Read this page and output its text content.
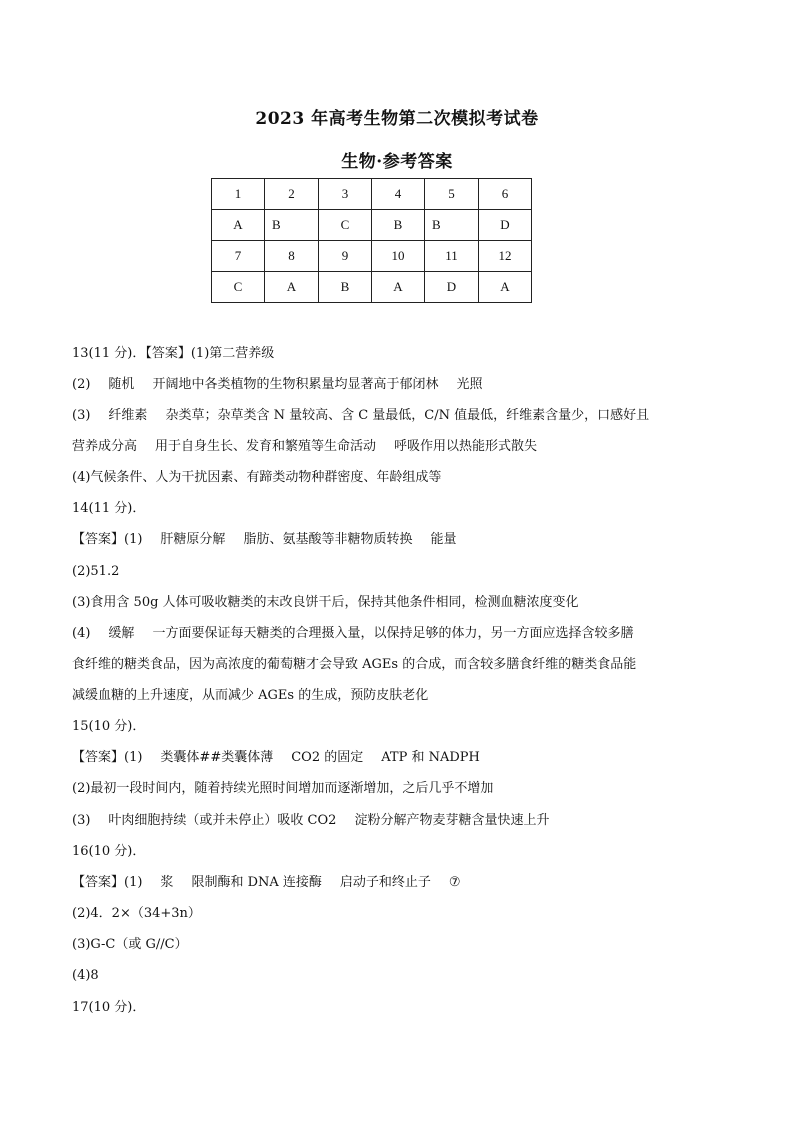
2023 年高考生物第二次模拟考试卷
生物·参考答案
1	2	3	4	5	6
A	B	C	B	B	D
7	8	9	10	11	12
C	A	B	A	D	A
13(11 分)．【答案】(1)第二营养级
(2) 随机 开阔地中各类植物的生物积累量均显著高于郁闭林 光照
(3) 纤维素 杂类草；杂草类含 N 量较高、含 C 量最低，C/N 值最低，纤维素含量少，口感好且
营养成分高 用于自身生长、发育和繁殖等生命活动 呼吸作用以热能形式散失
(4)气候条件、人为干扰因素、有蹄类动物种群密度、年龄组成等
14(11 分)．
【答案】(1) 肝糖原分解 脂肪、氨基酸等非糖物质转换 能量
(2)51.2
(3)食用含 50g 人体可吸收糖类的末改良饼干后，保持其他条件相同，检测血糖浓度变化
(4) 缓解 一方面要保证每天糖类的合理摄入量，以保持足够的体力，另一方面应选择含较多膳
食纤维的糖类食品，因为高浓度的葡萄糖才会导致 AGEs 的合成，而含较多膳食纤维的糖类食品能
减缓血糖的上升速度，从而减少 AGEs 的生成，预防皮肤老化
15(10 分)．
【答案】(1) 类囊体##类囊体薄 CO2 的固定 ATP 和 NADPH
(2)最初一段时间内，随着持续光照时间增加而逐渐增加，之后几乎不增加
(3) 叶肉细胞持续（或并未停止）吸收 CO2 淀粉分解产物麦芽糖含量快速上升
16(10 分)．
【答案】(1) 浆 限制酶和 DNA 连接酶 启动子和终止子 ⑦
(2)4．2×（34+3n）
(3)G-C（或 G//C）
(4)8
17(10 分)．
